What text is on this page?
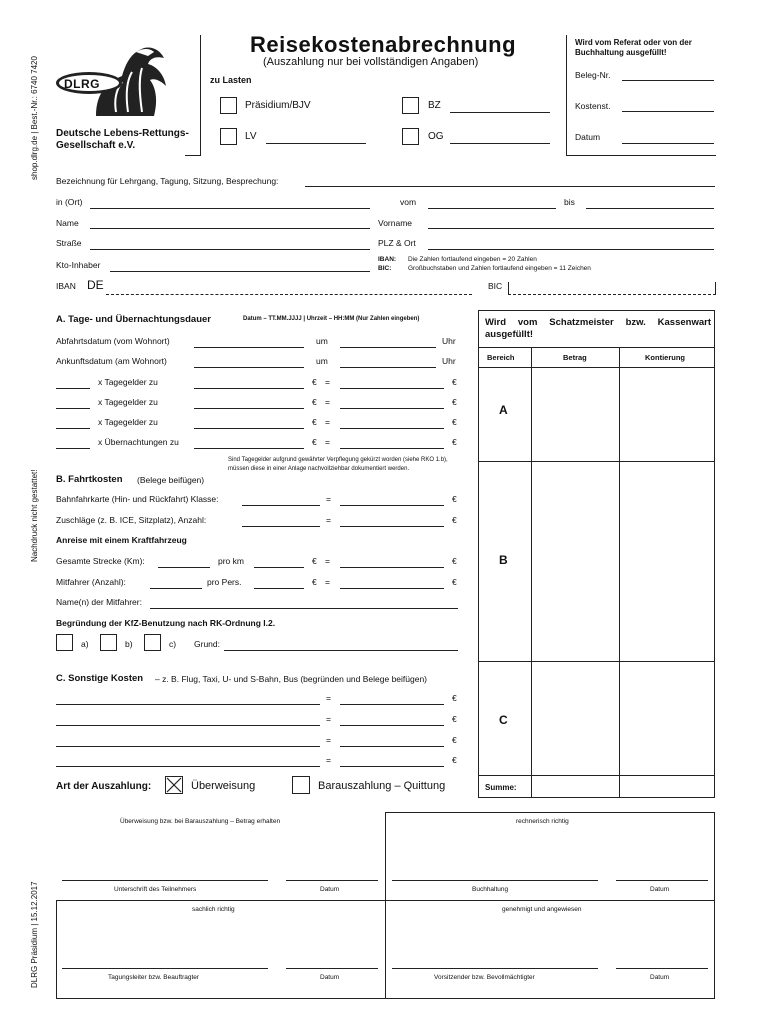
shop.dlrg.de | Best.-Nr.: 6740 7420
Nachdruck nicht gestattet!
DLRG Präsidium | 15.12.2017
DLRG
Deutsche Lebens-Rettungs-
Gesellschaft e.V.
Reisekostenabrechnung
(Auszahlung nur bei vollständigen Angaben)
zu Lasten
Präsidium/BJV	BZ
LV	OG
Wird vom Referat oder von der Buchhaltung ausgefüllt!
Beleg-Nr.
Kostenst.
Datum
Bezeichnung für Lehrgang, Tagung, Sitzung, Besprechung:
in (Ort)	vom	bis
Name	Vorname
Straße	PLZ & Ort
Kto-Inhaber
IBAN: Die Zahlen fortlaufend eingeben = 20 Zahlen
BIC:	Großbuchstaben und Zahlen fortlaufend eingeben = 11 Zeichen
IBAN DE	BIC
A. Tage- und Übernachtungsdauer	Datum – TT.MM.JJJJ | Uhrzeit – HH:MM (Nur Zahlen eingeben)
Abfahrtsdatum (vom Wohnort)	um	Uhr
Ankunftsdatum (am Wohnort)	um	Uhr
x Tagegelder zu	€ =	€
x Tagegelder zu	€ =	€
x Tagegelder zu	€ =	€
x Übernachtungen zu	€ =	€
Sind Tagegelder aufgrund gewährter Verpflegung gekürzt worden (siehe RKO 1.b), müssen diese in einer Anlage nachvollziehbar dokumentiert werden.
B. Fahrtkosten (Belege beifügen)
Bahnfahrkarte (Hin- und Rückfahrt) Klasse:	=	€
Zuschläge (z. B. ICE, Sitzplatz), Anzahl:	=	€
Anreise mit einem Kraftfahrzeug
Gesamte Strecke (Km):	pro km	€ =	€
Mitfahrer (Anzahl):	pro Pers.	€ =	€
Name(n) der Mitfahrer:
Begründung der KfZ-Benutzung nach RK-Ordnung I.2.
a)	b)	c) Grund:
C. Sonstige Kosten – z. B. Flug, Taxi, U- und S-Bahn, Bus (begründen und Belege beifügen)
=	€
=	€
=	€
=	€
Art der Auszahlung:	Überweisung	Barauszahlung – Quittung
Wird vom Schatzmeister bzw. Kassenwart ausgefüllt!
Bereich	Betrag	Kontierung
A
B
C
Summe:
Überweisung bzw. bei Barauszahlung – Betrag erhalten	rechnerisch richtig
Unterschrift des Teilnehmers	Datum	Buchhaltung	Datum
sachlich richtig	genehmigt und angewiesen
Tagungsleiter bzw. Beauftragter	Datum	Vorsitzender bzw. Bevollmächtigter	Datum
